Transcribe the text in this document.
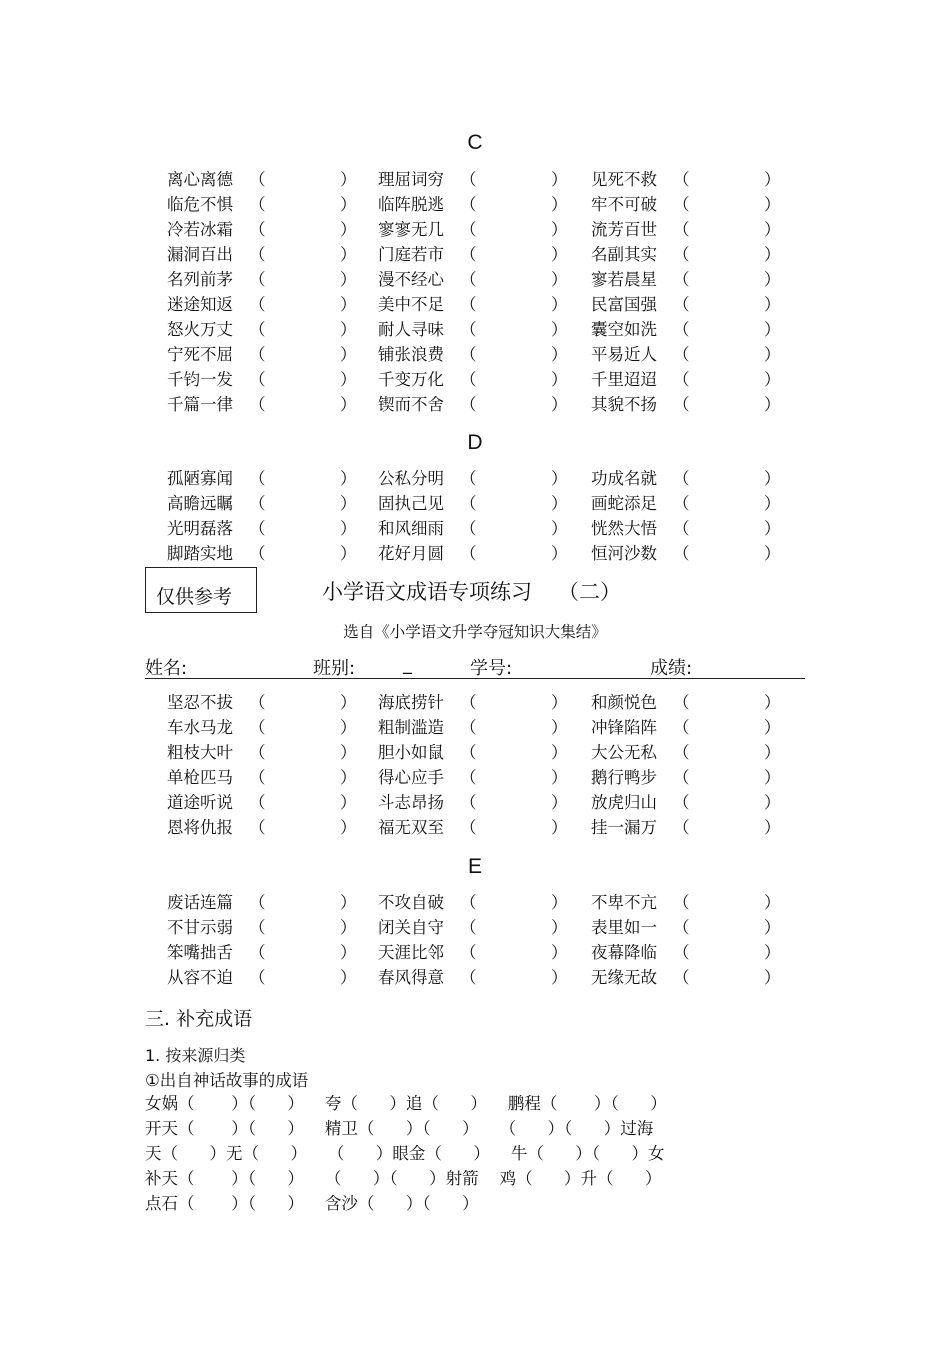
C
离心离德 （	） 理屈词穷 （	） 见死不救 （	）
临危不惧 （	） 临阵脱逃 （	） 牢不可破 （	）
冷若冰霜 （	） 寥寥无几 （	） 流芳百世 （	）
漏洞百出 （	） 门庭若市 （	） 名副其实 （	）
名列前茅 （	） 漫不经心 （	） 寥若晨星 （	）
迷途知返 （	） 美中不足 （	） 民富国强 （	）
怒火万丈 （	） 耐人寻味 （	） 囊空如洗 （	）
宁死不屈 （	） 铺张浪费 （	） 平易近人 （	）
千钧一发 （	） 千变万化 （	） 千里迢迢 （	）
千篇一律 （	） 锲而不舍 （	） 其貌不扬 （	）
D
孤陋寡闻 （	） 公私分明 （	） 功成名就 （	）
高瞻远瞩 （	） 固执己见 （	） 画蛇添足 （	）
光明磊落 （	） 和风细雨 （	） 恍然大悟 （	）
脚踏实地 （	） 花好月圆 （	） 恒河沙数 （	）
仅供参考	小学语文成语专项练习 （二）
选自《小学语文升学夺冠知识大集结》
姓名:	班别:	_	学号:	成绩:
坚忍不拔 （	） 海底捞针 （	） 和颜悦色 （	）
车水马龙 （	） 粗制滥造 （	） 冲锋陷阵 （	）
粗枝大叶 （	） 胆小如鼠 （	） 大公无私 （	）
单枪匹马 （	） 得心应手 （	） 鹅行鸭步 （	）
道途听说 （	） 斗志昂扬 （	） 放虎归山 （	）
恩将仇报 （	） 福无双至 （	） 挂一漏万 （	）
E
废话连篇 （	） 不攻自破 （	） 不卑不亢 （	）
不甘示弱 （	） 闭关自守 （	） 表里如一 （	）
笨嘴拙舌 （	） 天涯比邻 （	） 夜幕降临 （	）
从容不迫 （	） 春风得意 （	） 无缘无故 （	）
三. 补充成语
1. 按来源归类
①出自神话故事的成语
女娲（       ）（      ）    夸（      ）追（      ）    鹏程（       ）（      ）
开天（       ）（      ）    精卫（      ）（      ）    （      ）（      ）过海
天（      ）无（      ）    （      ）眼金（      ）    牛（      ）（      ）女
补天（       ）（      ）    （      ）（      ）射箭    鸡（      ）升（      ）
点石（       ）（      ）    含沙（      ）（      ）
